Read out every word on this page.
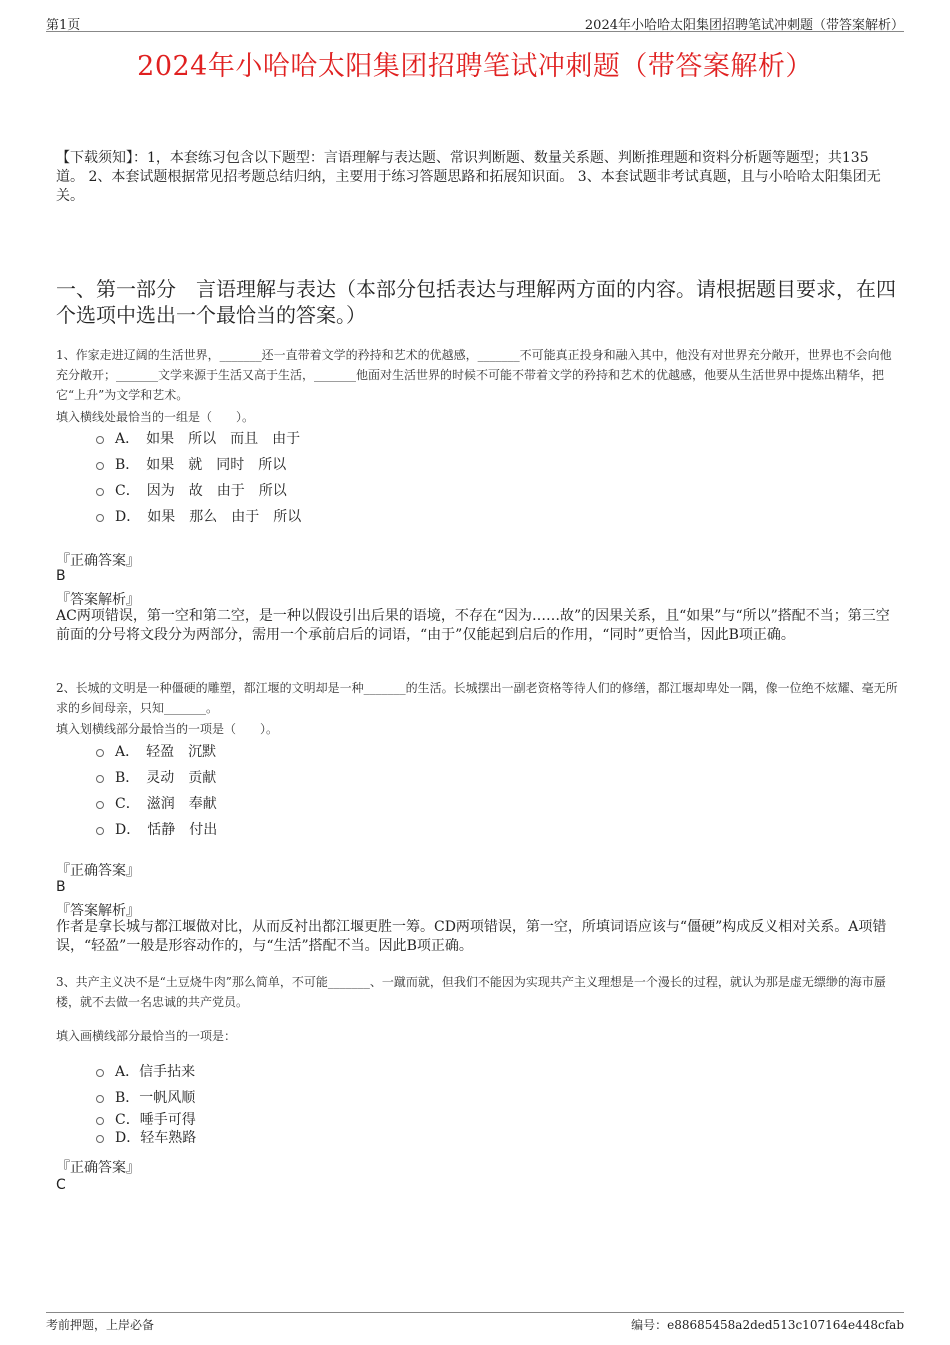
第1页	2024年小哈哈太阳集团招聘笔试冲刺题（带答案解析）
2024年小哈哈太阳集团招聘笔试冲刺题（带答案解析）
【下载须知】：1，本套练习包含以下题型：言语理解与表达题、常识判断题、数量关系题、判断推理题和资料分析题等题型；共135道。 2、本套试题根据常见招考题总结归纳，主要用于练习答题思路和拓展知识面。 3、本套试题非考试真题，且与小哈哈太阳集团无关。
一、第一部分　言语理解与表达（本部分包括表达与理解两方面的内容。请根据题目要求，在四个选项中选出一个最恰当的答案。）
1、作家走进辽阔的生活世界，_______还一直带着文学的矜持和艺术的优越感，_______不可能真正投身和融入其中，他没有对世界充分敞开，世界也不会向他充分敞开；_______文学来源于生活又高于生活，_______他面对生活世界的时候不可能不带着文学的矜持和艺术的优越感，他要从生活世界中提炼出精华，把它“上升”为文学和艺术。
填入横线处最恰当的一组是（　　）。
A．　如果　所以　而且　由于
B．　如果　就　同时　所以
C．　因为　故　由于　所以
D．　如果　那么　由于　所以
『正确答案』
B
『答案解析』
AC两项错误，第一空和第二空，是一种以假设引出后果的语境，不存在“因为……故”的因果关系，且“如果”与“所以”搭配不当；第三空前面的分号将文段分为两部分，需用一个承前启后的词语，“由于”仅能起到启后的作用，“同时”更恰当，因此B项正确。
2、长城的文明是一种僵硬的雕塑，都江堰的文明却是一种_______的生活。长城摆出一副老资格等待人们的修缮，都江堰却卑处一隅，像一位绝不炫耀、毫无所求的乡间母亲，只知_______。
填入划横线部分最恰当的一项是（　　）。
A．　轻盈　沉默
B．　灵动　贡献
C．　滋润　奉献
D．　恬静　付出
『正确答案』
B
『答案解析』
作者是拿长城与都江堰做对比，从而反衬出都江堰更胜一筹。CD两项错误，第一空，所填词语应该与“僵硬”构成反义相对关系。A项错误，“轻盈”一般是形容动作的，与“生活”搭配不当。因此B项正确。
3、共产主义决不是“土豆烧牛肉”那么简单，不可能_______、一蹴而就，但我们不能因为实现共产主义理想是一个漫长的过程，就认为那是虚无缥缈的海市蜃楼，就不去做一名忠诚的共产党员。
填入画横线部分最恰当的一项是：
A．信手拈来
B．一帆风顺
C．唾手可得
D．轻车熟路
『正确答案』
C
考前押题，上岸必备	编号：e88685458a2ded513c107164e448cfab
